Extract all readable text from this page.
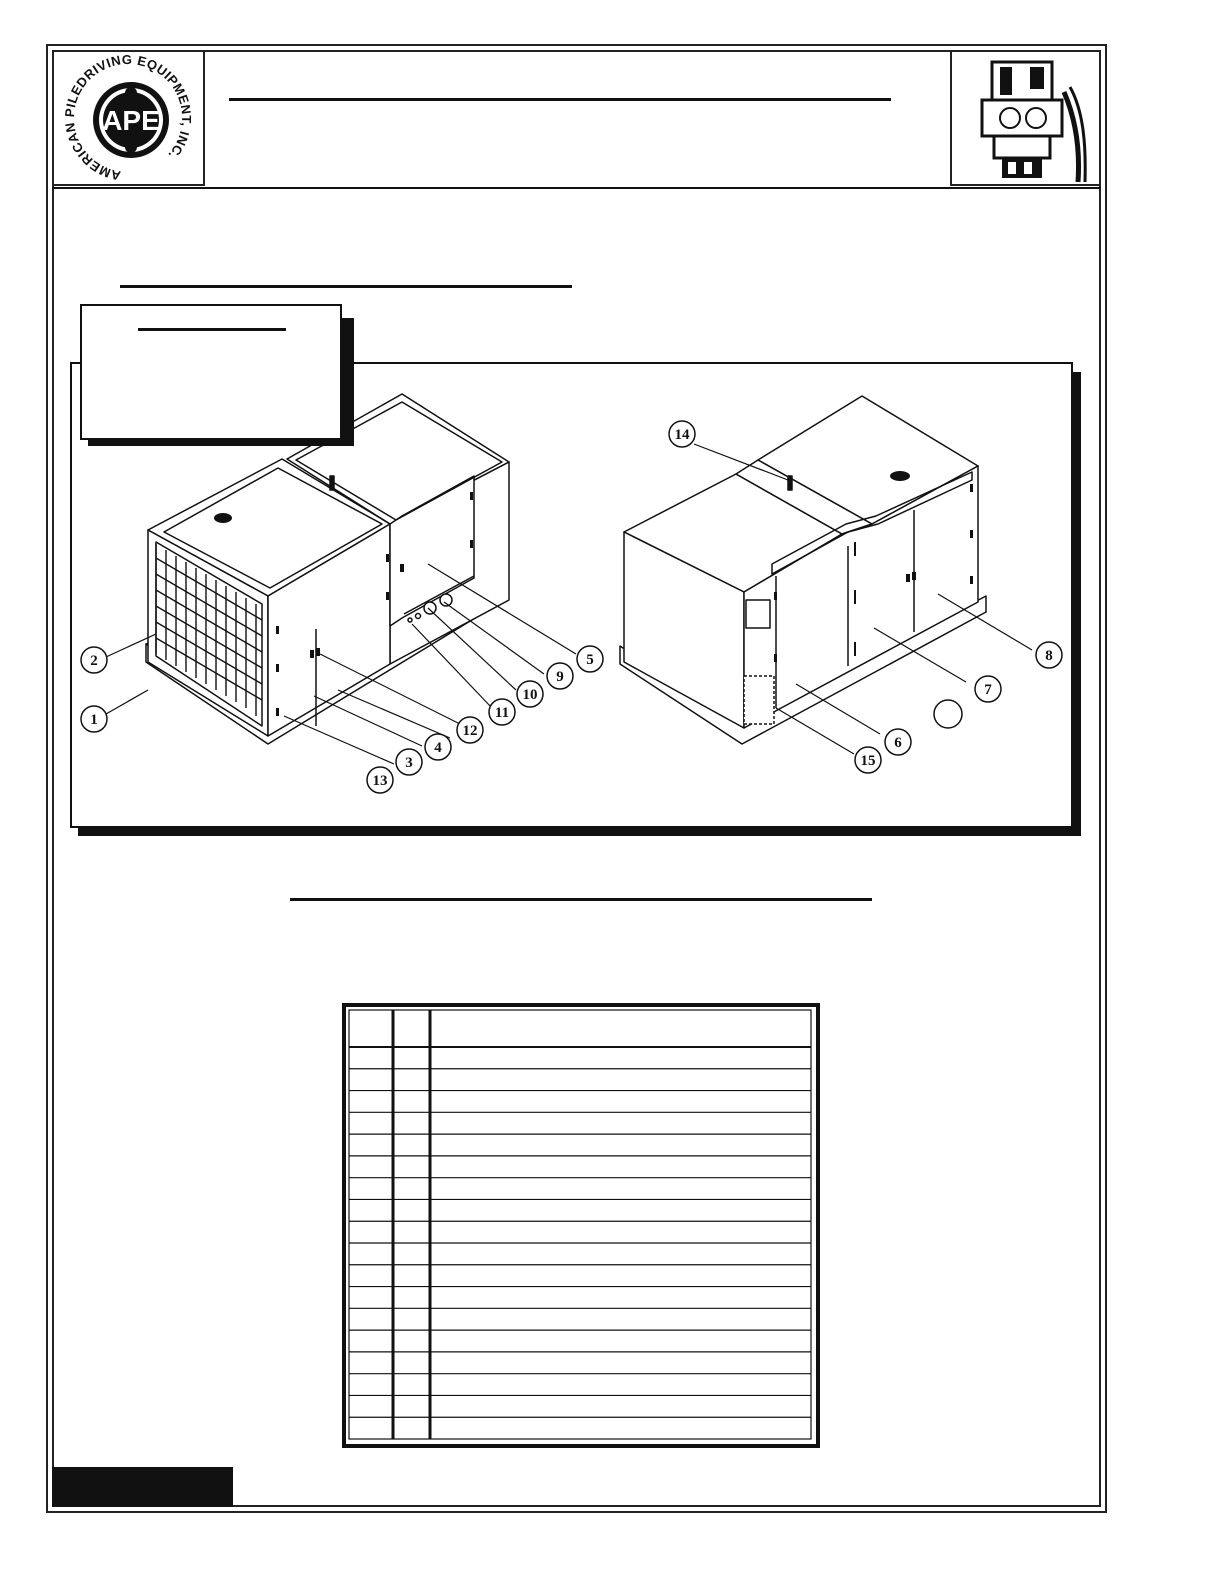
APE
AMERICAN PILEDRIVING EQUIPMENT, INC.
1
2
3
4
5
6
7
8
9
10
11
12
13
14
15
